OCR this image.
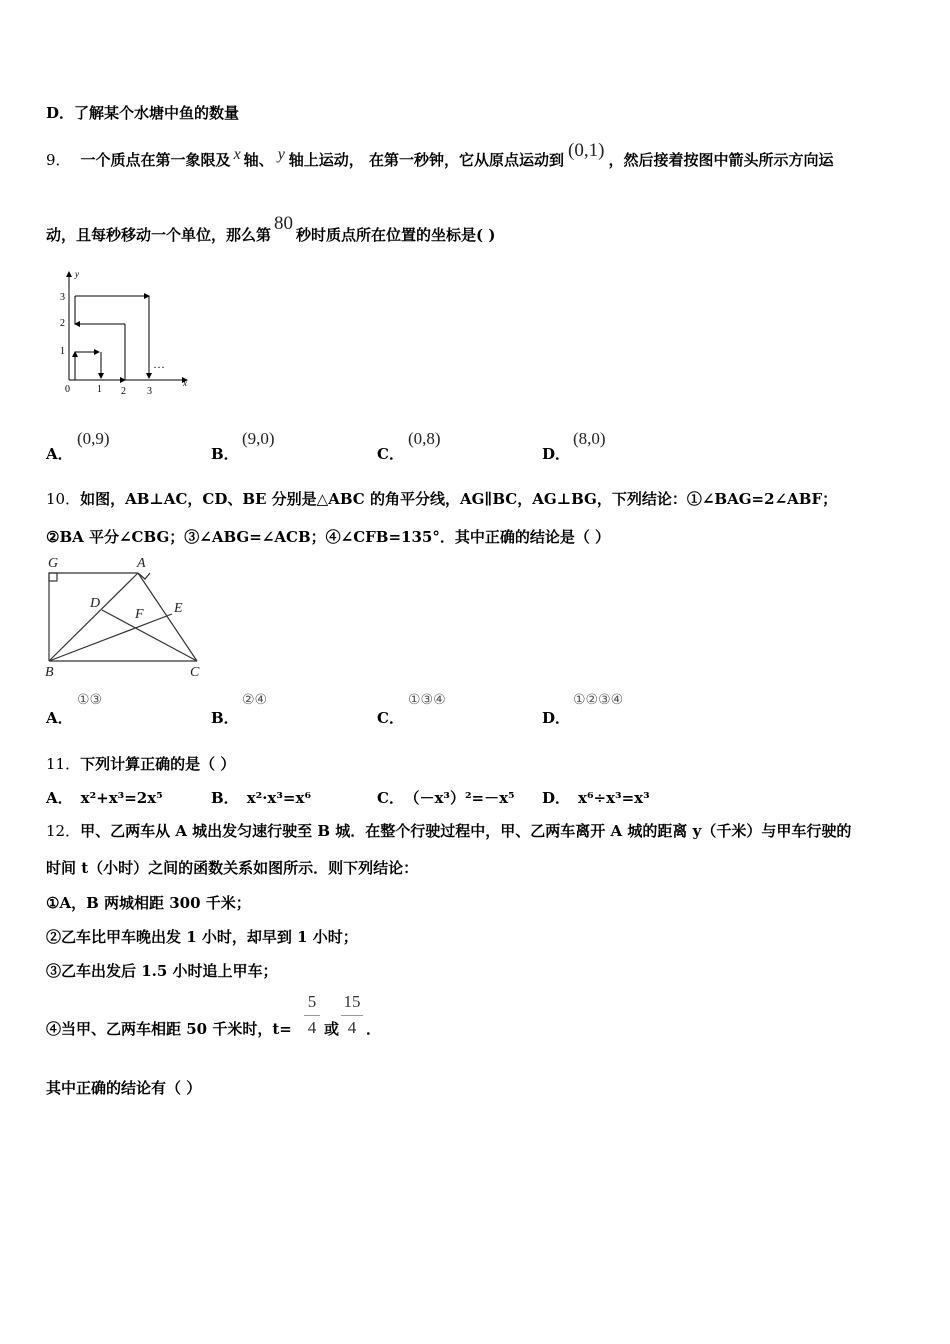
D．了解某个水塘中鱼的数量
9． 一个质点在第一象限及 x 轴、 y 轴上运动， 在第一秒钟，它从原点运动到 (0,1) ，然后接着按图中箭头所示方向运
动，且每秒移动一个单位，那么第80秒时质点所在位置的坐标是( )
x
y
3
2
1
0	1 2 3
…
A．
(0,9)
B．
(9,0)
C．
(0,8)
D．
(8,0)
10．如图，AB⊥AC，CD、BE 分别是△ABC 的角平分线，AG∥BC，AG⊥BG，下列结论：①∠BAG=2∠ABF；
②BA 平分∠CBG；③∠ABG=∠ACB；④∠CFB=135°．其中正确的结论是（ ）
G	A
D	E
F
B	C
A．
①③
B．
②④
C．
①③④
D．
①②③④
11．下列计算正确的是（ ）
A． x²+x³=2x⁵	B． x²·x³=x⁶	C． （－x³）²=－x⁵ D． x⁶÷x³=x³
12．甲、乙两车从 A 城出发匀速行驶至 B 城．在整个行驶过程中，甲、乙两车离开 A 城的距离 y（千米）与甲车行驶的
时间 t（小时）之间的函数关系如图所示．则下列结论：
①A，B 两城相距 300 千米；
②乙车比甲车晚出发 1 小时，却早到 1 小时；
③乙车出发后 1.5 小时追上甲车；
④当甲、乙两车相距 50 千米时，t=
5
4 或
15
4 ．
其中正确的结论有（ ）
